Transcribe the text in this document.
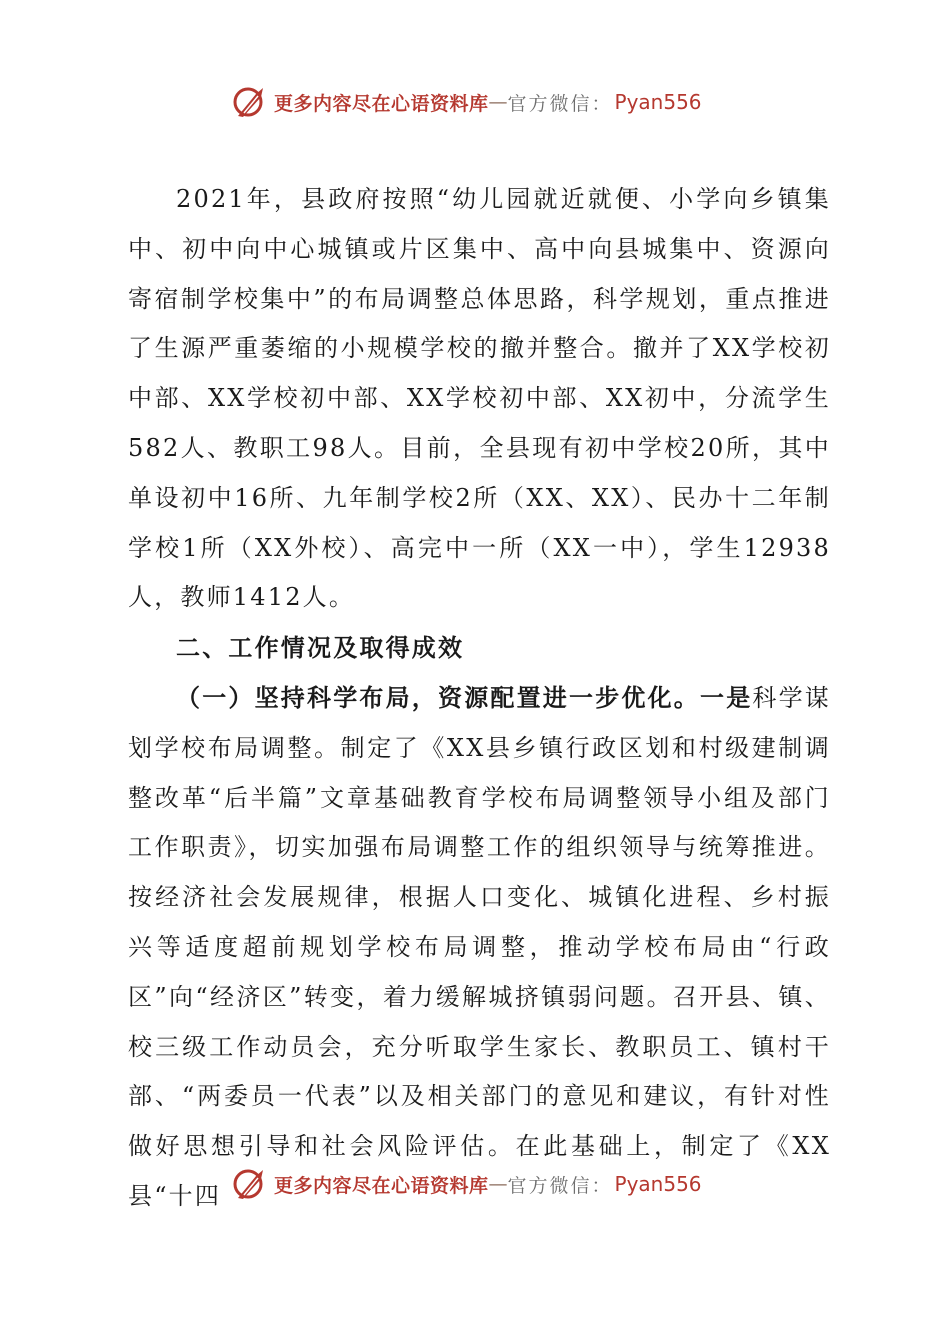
更多内容尽在心语资料库 — 官方微信： Pyan556

2021年，县政府按照“幼儿园就近就便、小学向乡镇集中、初中向中心城镇或片区集中、高中向县城集中、资源向寄宿制学校集中”的布局调整总体思路，科学规划，重点推进了生源严重萎缩的小规模学校的撤并整合。撤并了XX学校初中部、XX学校初中部、XX学校初中部、XX初中，分流学生582人、教职工98人。目前，全县现有初中学校20所，其中单设初中16所、九年制学校2所（XX、XX）、民办十二年制学校1所（XX外校）、高完中一所（XX一中），学生12938人，教师1412人。

二、工作情况及取得成效

（一）坚持科学布局，资源配置进一步优化。一是科学谋划学校布局调整。制定了《XX县乡镇行政区划和村级建制调整改革“后半篇”文章基础教育学校布局调整领导小组及部门工作职责》，切实加强布局调整工作的组织领导与统筹推进。按经济社会发展规律，根据人口变化、城镇化进程、乡村振兴等适度超前规划学校布局调整，推动学校布局由“行政区”向“经济区”转变，着力缓解城挤镇弱问题。召开县、镇、校三级工作动员会，充分听取学生家长、教职员工、镇村干部、“两委员一代表”以及相关部门的意见和建议，有针对性做好思想引导和社会风险评估。在此基础上，制定了《XX县“十四	更多内容尽在心语资料库 — 官方微信： Pyan556
